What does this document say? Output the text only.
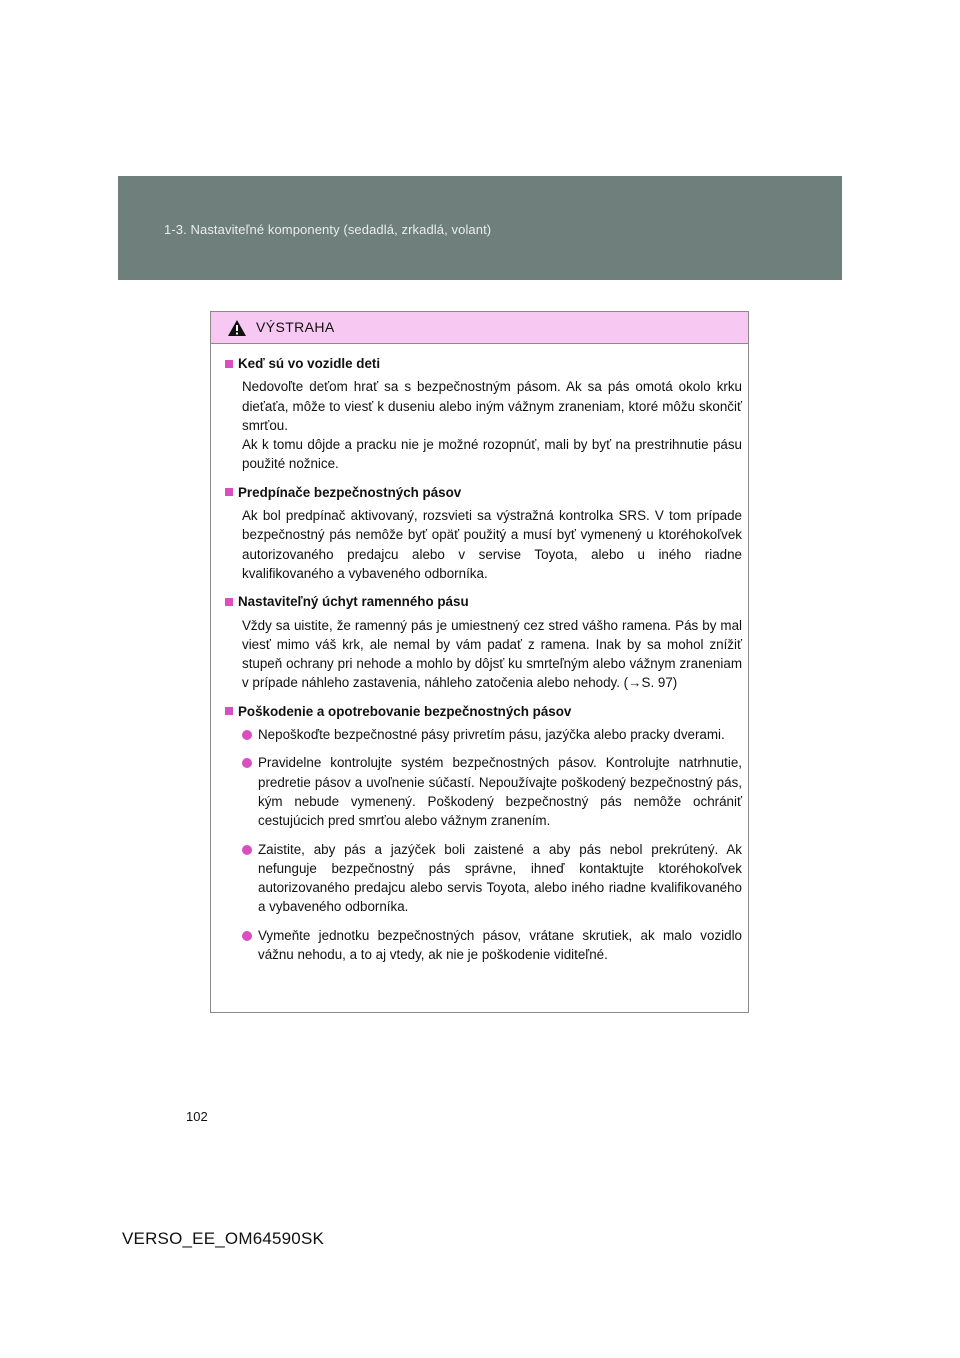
1-3. Nastaviteľné komponenty (sedadlá, zrkadlá, volant)
VÝSTRAHA
Keď sú vo vozidle deti

Nedovoľte deťom hrať sa s bezpečnostným pásom. Ak sa pás omotá okolo krku dieťaťa, môže to viesť k duseniu alebo iným vážnym zraneniam, ktoré môžu skončiť smrťou.

Ak k tomu dôjde a pracku nie je možné rozopnúť, mali by byť na prestrihnutie pásu použité nožnice.

Predpínače bezpečnostných pásov

Ak bol predpínač aktivovaný, rozsvieti sa výstražná kontrolka SRS. V tom prípade bezpečnostný pás nemôže byť opäť použitý a musí byť vymenený u ktoréhokoľvek autorizovaného predajcu alebo v servise Toyota, alebo u iného riadne kvalifikovaného a vybaveného odborníka.

Nastaviteľný úchyt ramenného pásu

Vždy sa uistite, že ramenný pás je umiestnený cez stred vášho ramena. Pás by mal viesť mimo váš krk, ale nemal by vám padať z ramena. Inak by sa mohol znížiť stupeň ochrany pri nehode a mohlo by dôjsť ku smrteľným alebo vážnym zraneniam v prípade náhleho zastavenia, náhleho zatočenia alebo nehody. (→S. 97)

Poškodenie a opotrebovanie bezpečnostných pásov
Nepoškoďte bezpečnostné pásy privretím pásu, jazýčka alebo pracky dverami.
Pravidelne kontrolujte systém bezpečnostných pásov. Kontrolujte natrhnutie, predretie pásov a uvoľnenie súčastí. Nepoužívajte poškodený bezpečnostný pás, kým nebude vymenený. Poškodený bezpečnostný pás nemôže ochrániť cestujúcich pred smrťou alebo vážnym zranením.
Zaistite, aby pás a jazýček boli zaistené a aby pás nebol prekrútený. Ak nefunguje bezpečnostný pás správne, ihneď kontaktujte ktoréhokoľvek autorizovaného predajcu alebo servis Toyota, alebo iného riadne kvalifikovaného a vybaveného odborníka.
Vymeňte jednotku bezpečnostných pásov, vrátane skrutiek, ak malo vozidlo vážnu nehodu, a to aj vtedy, ak nie je poškodenie viditeľné.
102
VERSO_EE_OM64590SK
